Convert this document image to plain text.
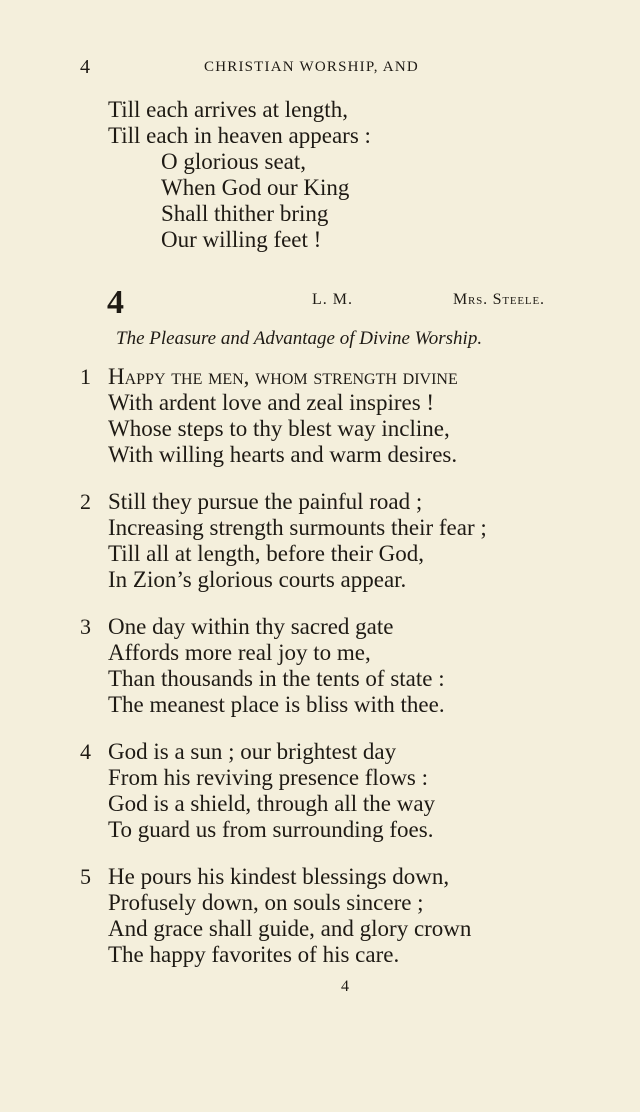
4	CHRISTIAN WORSHIP, AND
Till each arrives at length,
Till each in heaven appears :
O glorious seat,
When God our King
Shall thither bring
Our willing feet !
4	L. M.	Mrs. Steele.
The Pleasure and Advantage of Divine Worship.
1 Happy the men, whom strength divine
With ardent love and zeal inspires !
Whose steps to thy blest way incline,
With willing hearts and warm desires.
2 Still they pursue the painful road ;
Increasing strength surmounts their fear ;
Till all at length, before their God,
In Zion’s glorious courts appear.
3 One day within thy sacred gate
Affords more real joy to me,
Than thousands in the tents of state :
The meanest place is bliss with thee.
4 God is a sun ; our brightest day
From his reviving presence flows :
God is a shield, through all the way
To guard us from surrounding foes.
5 He pours his kindest blessings down,
Profusely down, on souls sincere ;
And grace shall guide, and glory crown
The happy favorites of his care.
4
